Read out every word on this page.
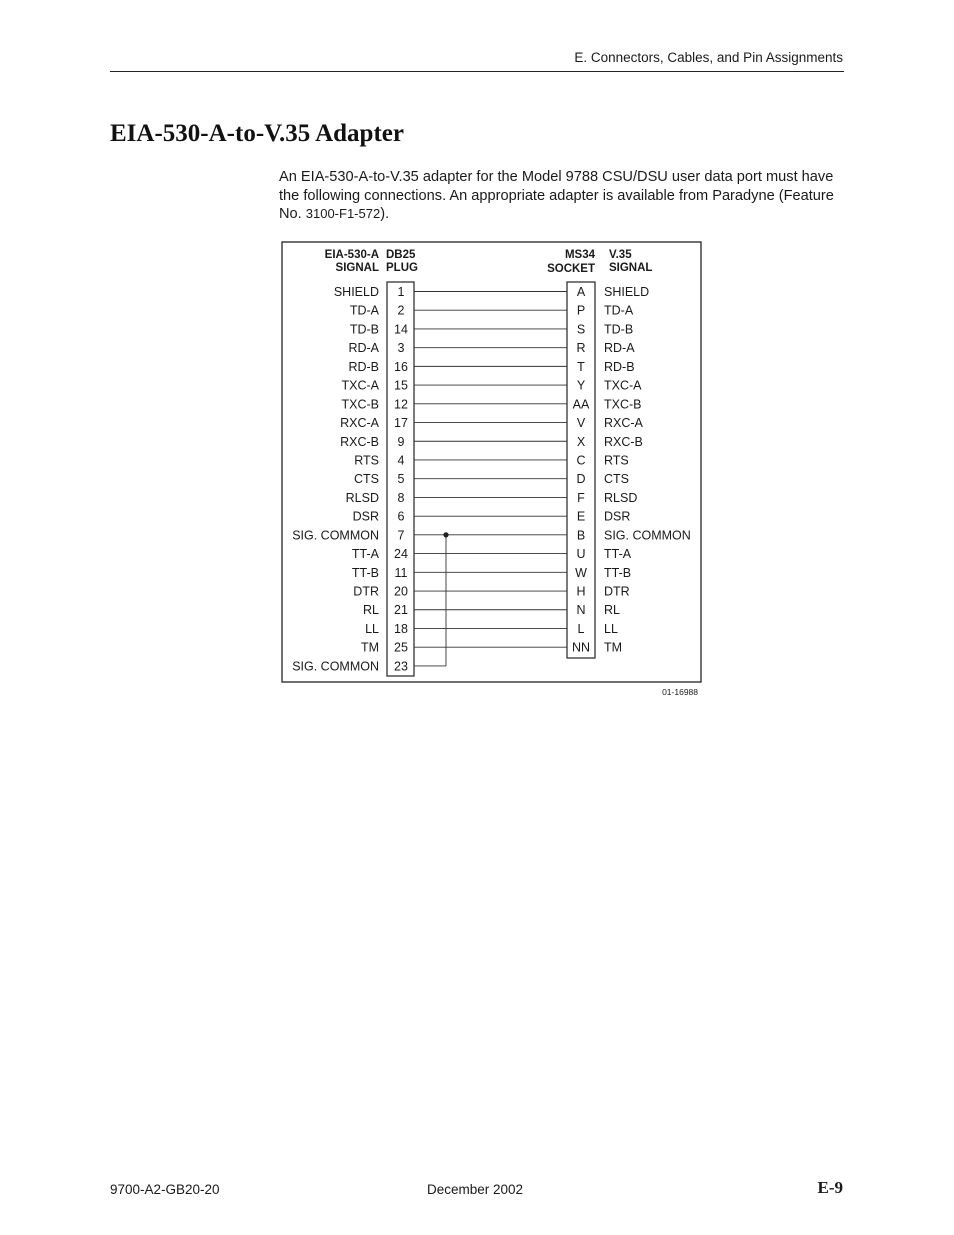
E. Connectors, Cables, and Pin Assignments
EIA-530-A-to-V.35 Adapter

An EIA-530-A-to-V.35 adapter for the Model 9788 CSU/DSU user data port must have the following connections. An appropriate adapter is available from Paradyne (Feature No. 3100-F1-572).

EIA-530-A
SIGNAL
DB25
PLUG
MS34
SOCKET
V.35
SIGNAL
SHIELD 1	A SHIELD
TD-A 2	P TD-A
TD-B 14	S TD-B
RD-A 3	R RD-A
RD-B 16	T RD-B
TXC-A 15	Y TXC-A
TXC-B 12	AA TXC-B
RXC-A 17	V RXC-A
RXC-B 9	X RXC-B
RTS 4	C RTS
CTS 5	D CTS
RLSD 8	F RLSD
DSR 6	E DSR
SIG. COMMON 7	B SIG. COMMON
TT-A 24	U TT-A
TT-B 11	W TT-B
DTR 20	H DTR
RL 21	N RL
LL 18	L LL
TM 25	NN TM
SIG. COMMON 23
01-16988
9700-A2-GB20-20	December 2002	E-9
